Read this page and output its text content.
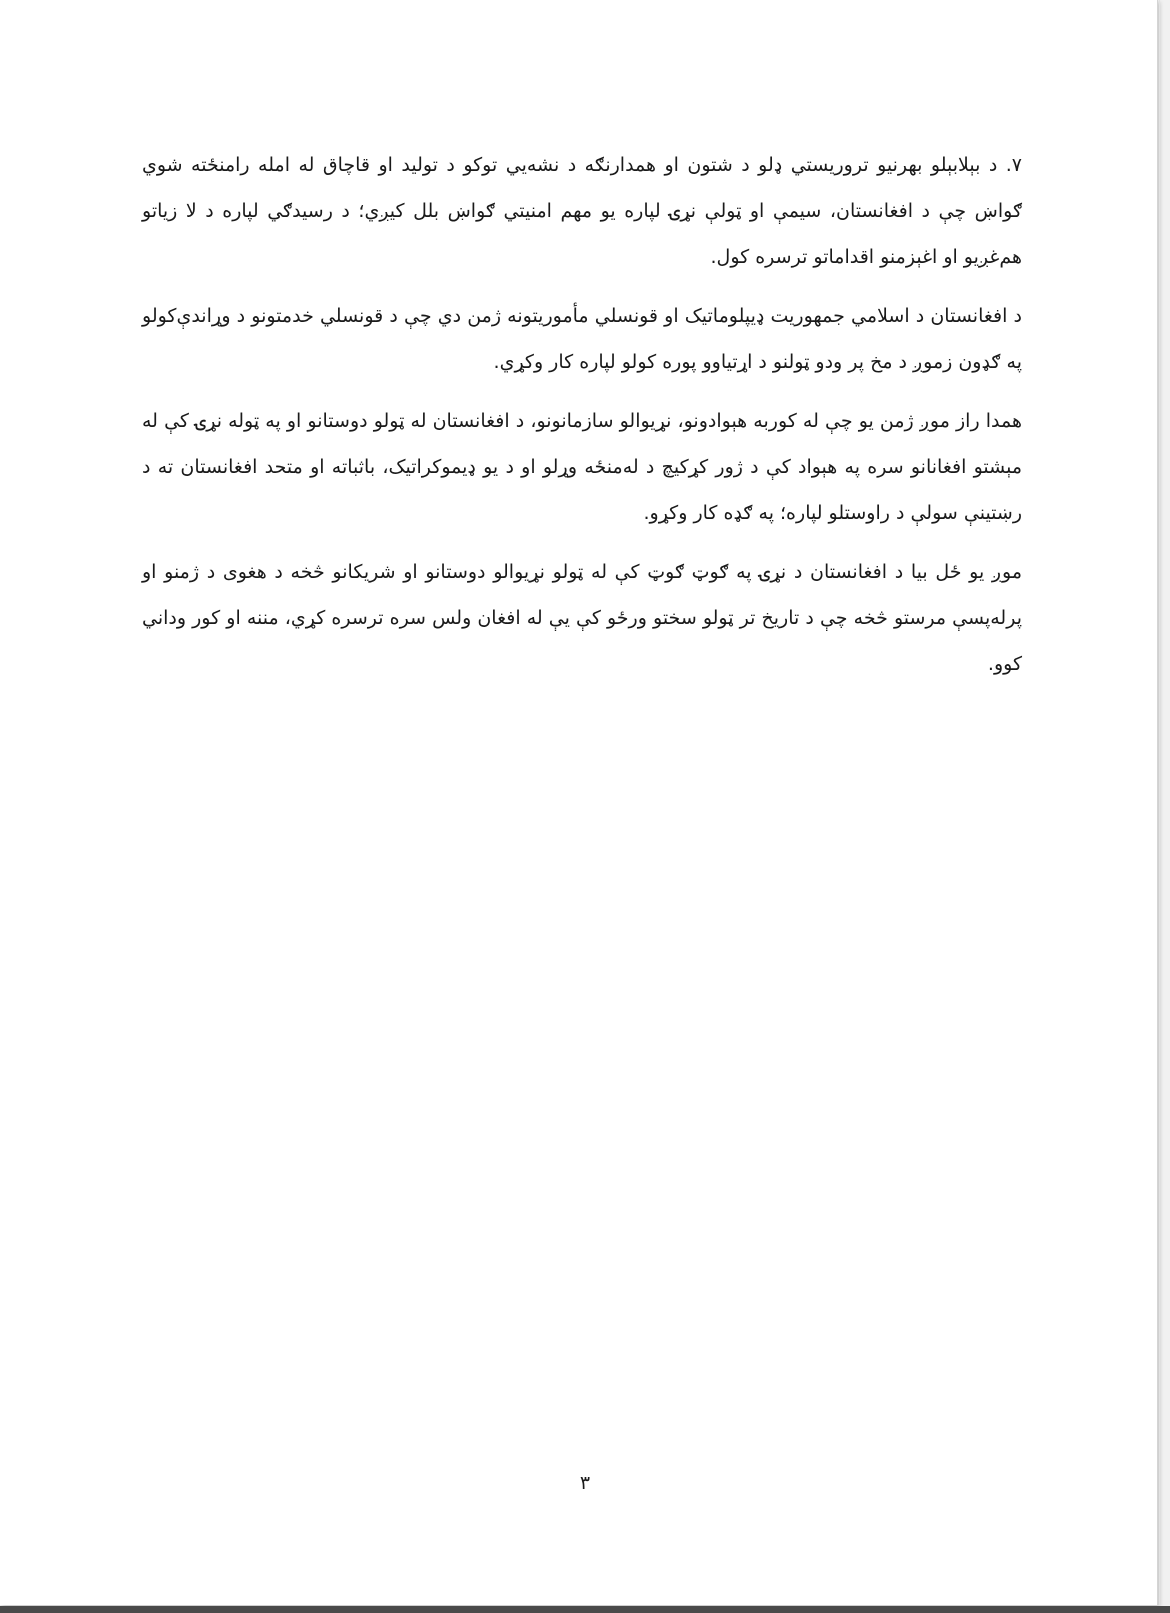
۷. د بېلابېلو بهرنيو تروريستي ډلو د شتون او همدارنګه د نشه‌يي توکو د توليد او قاچاق له امله رامنځته شوي ګواښ چې د افغانستان، سيمې او ټولې نړۍ لپاره يو مهم امنيتي ګواښ بلل کيږي؛ د رسيدګي لپاره د لا زياتو هم‌غږيو او اغېزمنو اقداماتو ترسره کول.

د افغانستان د اسلامي جمهوريت ډيپلوماتيک او قونسلي مأموريتونه ژمن دي چې د قونسلي خدمتونو د وړاندې‌کولو په ګډون زموږ د مخ پر ودو ټولنو د اړتياوو پوره کولو لپاره کار وکړي.

همدا راز موږ ژمن يو چې له کوربه هېوادونو، نړيوالو سازمانونو، د افغانستان له ټولو دوستانو او په ټوله نړۍ کې له مېشتو افغانانو سره په هېواد کې د ژور کړکيچ د له‌منځه وړلو او د يو ډيموکراتيک، باثباته او متحد افغانستان ته د رښتينې سولې د راوستلو لپاره؛ په ګډه کار وکړو.

موږ يو ځل بيا د افغانستان د نړۍ په ګوټ ګوټ کې له ټولو نړيوالو دوستانو او شريکانو څخه د هغوی د ژمنو او پرله‌پسې مرستو څخه چې د تاريخ تر ټولو سختو ورځو کې يې له افغان ولس سره ترسره کړي، مننه او کور وداني کوو.

۳
